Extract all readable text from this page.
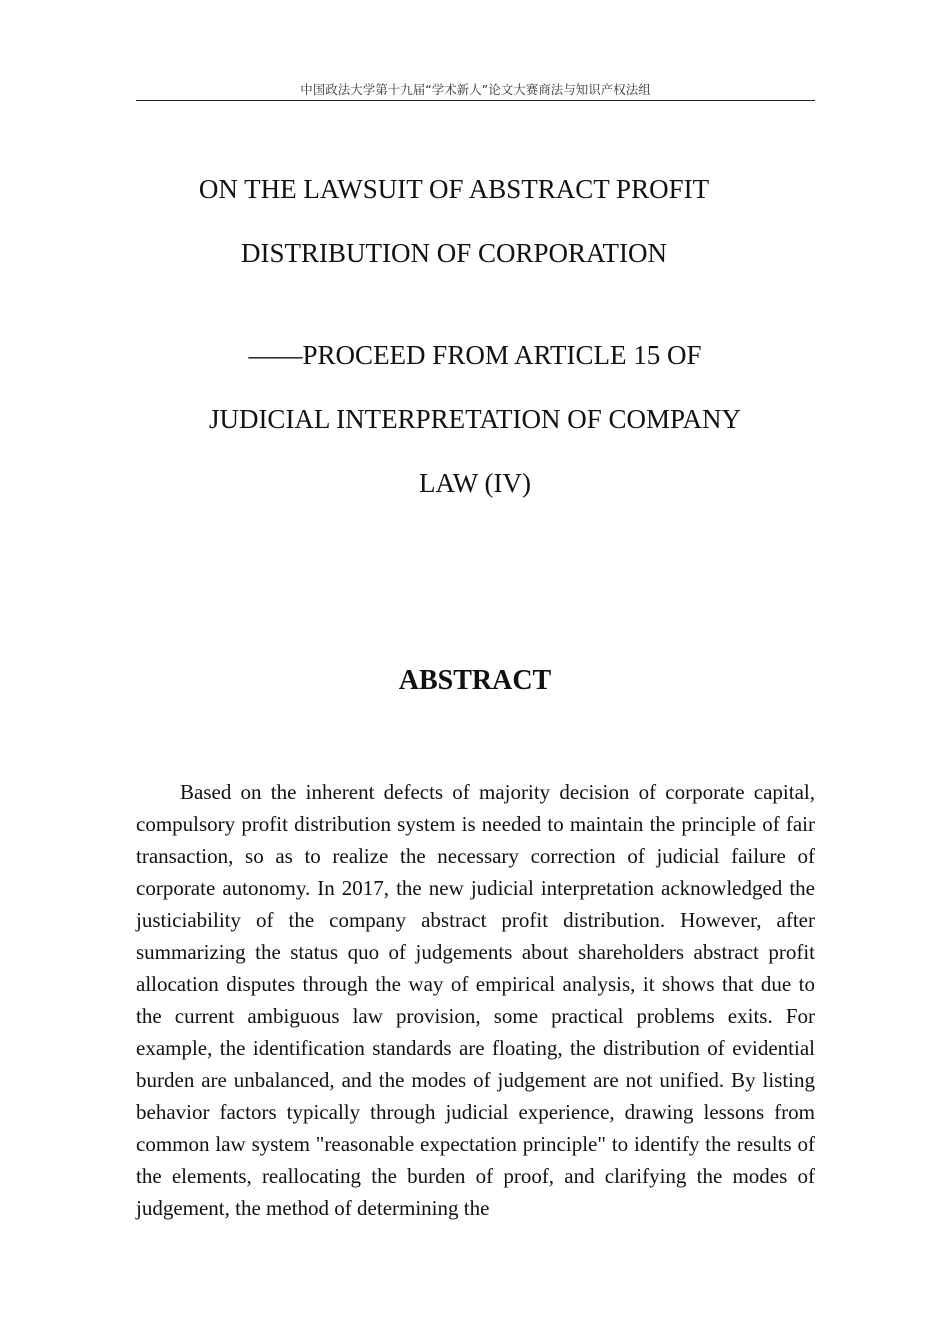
中国政法大学第十九届“学术新人”论文大赛商法与知识产权法组
ON THE LAWSUIT OF ABSTRACT PROFIT
DISTRIBUTION OF CORPORATION
——PROCEED FROM ARTICLE 15 OF
JUDICIAL INTERPRETATION OF COMPANY
LAW (IV)
ABSTRACT

Based on the inherent defects of majority decision of corporate capital, compulsory profit distribution system is needed to maintain the principle of fair transaction, so as to realize the necessary correction of judicial failure of corporate autonomy. In 2017, the new judicial interpretation acknowledged the justiciability of the company abstract profit distribution. However, after summarizing the status quo of judgements about shareholders abstract profit allocation disputes through the way of empirical analysis, it shows that due to the current ambiguous law provision, some practical problems exits. For example, the identification standards are floating, the distribution of evidential burden are unbalanced, and the modes of judgement are not unified. By listing behavior factors typically through judicial experience, drawing lessons from common law system "reasonable expectation principle" to identify the results of the elements, reallocating the burden of proof, and clarifying the modes of judgement, the method of determining the
